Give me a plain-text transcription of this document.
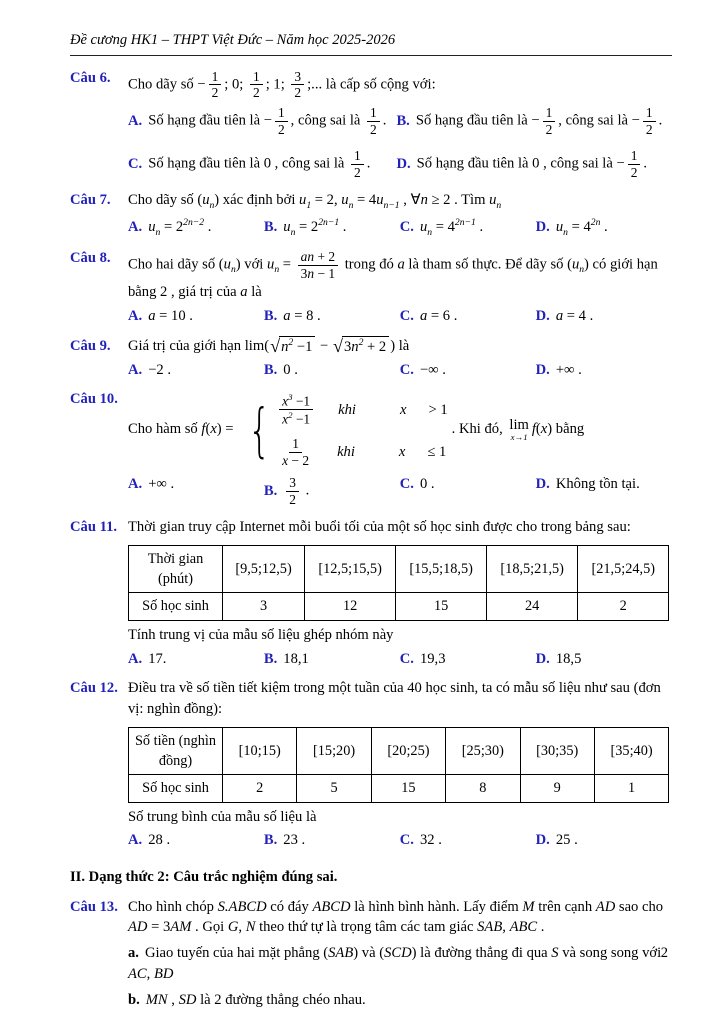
Đề cương HK1 – THPT Việt Đức – Năm học 2025-2026
Câu 6.	Cho dãy số − $\frac{1}{2}$ ; 0; $\frac{1}{2}$ ; 1; $\frac{3}{2}$ ;... là cấp số cộng với:
A. Số hạng đầu tiên là − $\frac{1}{2}$ , công sai là $\frac{1}{2}$ . B. Số hạng đầu tiên là − $\frac{1}{2}$ , công sai là − $\frac{1}{2}$ .
C. Số hạng đầu tiên là 0 , công sai là $\frac{1}{2}$ .	D. Số hạng đầu tiên là 0 , công sai là − $\frac{1}{2}$ .
Câu 7.	Cho dãy số $(u_n)$ xác định bởi $u_1 = 2$, $u_n = 4u_{n-1}$ , ∀n ≥ 2 . Tìm $u_n$
A. $u_n = 2^{2n-2}$ .	B. $u_n = 2^{2n-1}$ .	C. $u_n = 4^{2n-1}$ .	D. $u_n = 4^{2n}$ .
Câu 8.	Cho hai dãy số $(u_n)$ với $u_n = \frac{an + 2}{3n - 1}$ trong đó a là tham số thực. Để dãy số $(u_n)$ có giới hạn bằng 2 , giá trị của a là
A. a = 10 .	B. a = 8 .	C. a = 6 .	D. a = 4 .
Câu 9.	Giá trị của giới hạn lim( √ $n^2 -1$ − √ $3n^2 + 2$ ) là
A. −2 .	B. 0 .	C. −∞ .	D. +∞ .
Câu 10.
Cho hàm số f(x) = { $\frac{x^3 -1}{x^2 -1}$ khi	x > 1
$\frac{1}{x - 2}$ khi	x ≤ 1
. Khi đó, lim
x→1 f(x) bằng
A. +∞ .	B. $\frac{3}{2}$ .	C. 0 .	D. Không tồn tại.
Câu 11. Thời gian truy cập Internet mỗi buổi tối của một số học sinh được cho trong bảng sau:
Thời gian (phút)	[9,5;12,5)	[12,5;15,5)	[15,5;18,5)	[18,5;21,5)	[21,5;24,5)
Số học sinh	3	12	15	24	2
Tính trung vị của mẫu số liệu ghép nhóm này
A. 17.	B. 18,1	C. 19,3	D. 18,5
Câu 12. Điều tra về số tiền tiết kiệm trong một tuần của 40 học sinh, ta có mẫu số liệu như sau (đơn vị: nghìn đồng):
Số tiền (nghìn đồng)	[10;15)	[15;20)	[20;25)	[25;30)	[30;35)	[35;40)
Số học sinh	2	5	15	8	9	1
Số trung bình của mẫu số liệu là
A. 28 .	B. 23 .	C. 32 .	D. 25 .
II. Dạng thức 2: Câu trắc nghiệm đúng sai.
Câu 13. Cho hình chóp S.ABCD có đáy ABCD là hình bình hành. Lấy điểm M trên cạnh AD sao cho AD = 3AM . Gọi G, N theo thứ tự là trọng tâm các tam giác SAB, ABC .
a. Giao tuyến của hai mặt phẳng (SAB) và (SCD) là đường thẳng đi qua S và song song với AC, BD
b. MN , SD là 2 đường thẳng chéo nhau.
2
